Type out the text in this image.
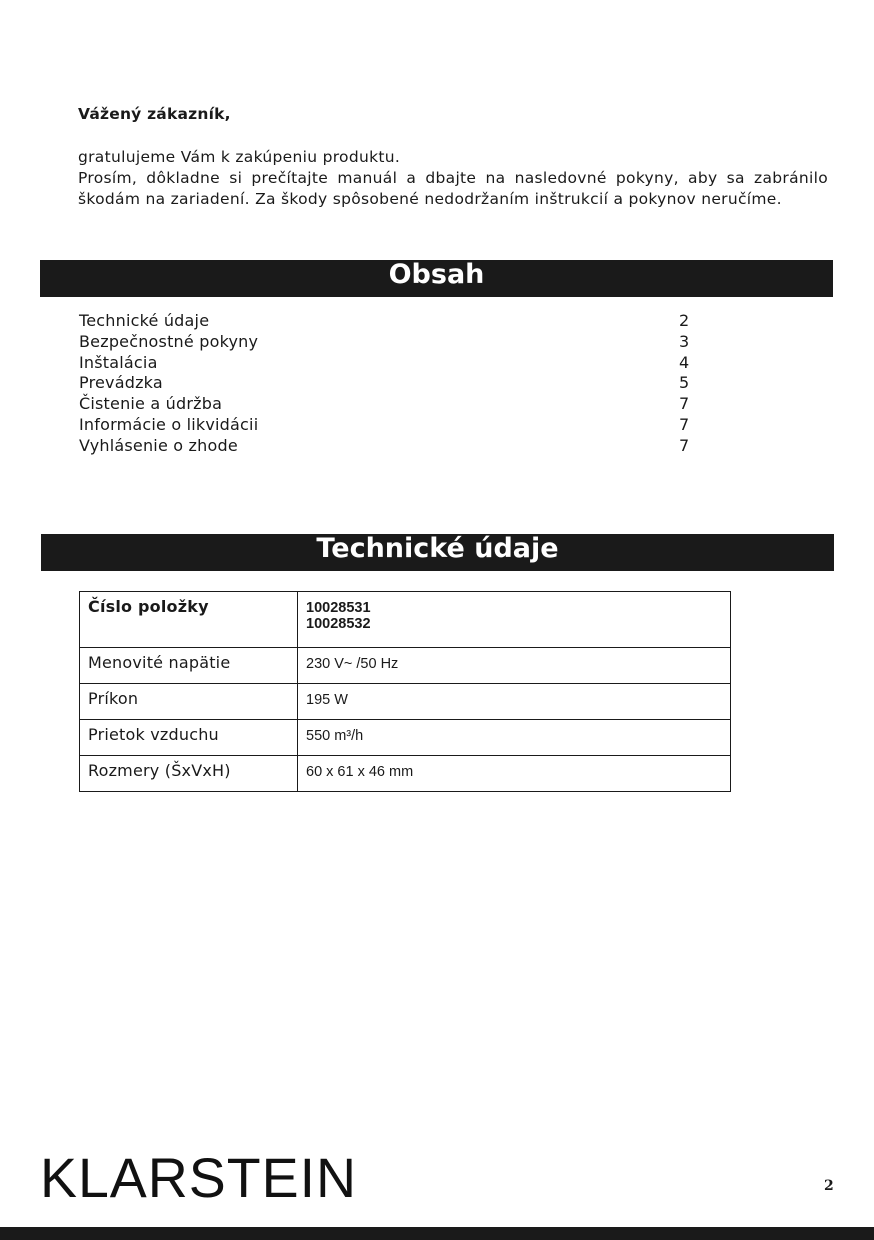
Vážený zákazník,

gratulujeme Vám k zakúpeniu produktu.

Prosím, dôkladne si prečítajte manuál a dbajte na nasledovné pokyny, aby sa zabránilo škodám na zariadení. Za škody spôsobené nedodržaním inštrukcií a pokynov neručíme.

Obsah
Technické údaje	2
Bezpečnostné pokyny	3
Inštalácia	4
Prevádzka	5
Čistenie a údržba	7
Informácie o likvidácii	7
Vyhlásenie o zhode	7
Technické údaje
Číslo položky	10028531
10028532

Menovité napätie	230 V~ /50 Hz
Príkon	195 W
Prietok vzduchu	550 m³/h
Rozmery (ŠxVxH)	60 x 61 x 46 mm
KLARSTEIN	2
